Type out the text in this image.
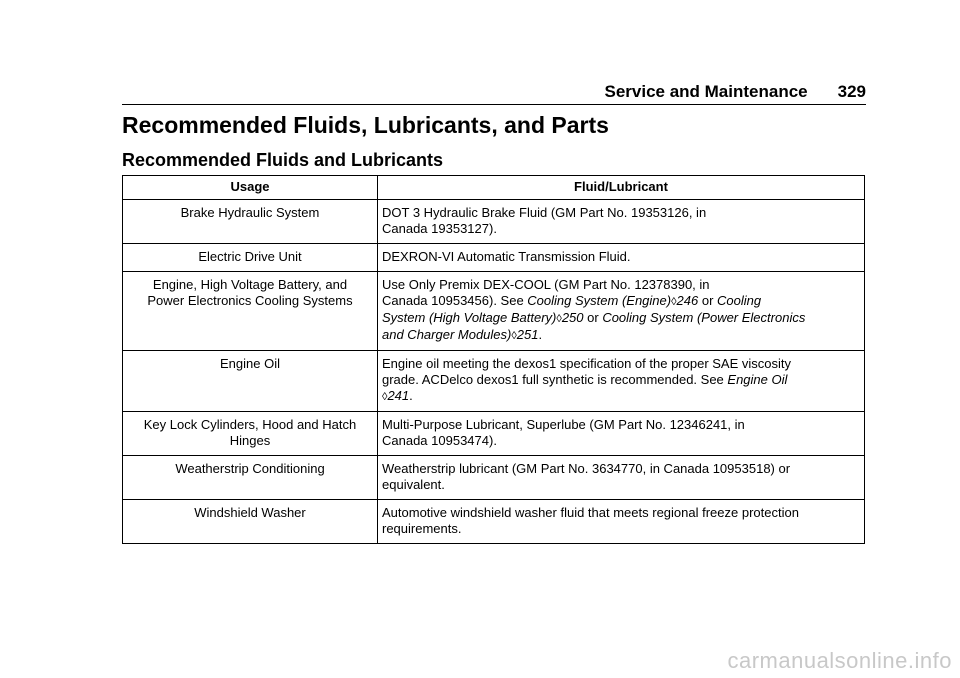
Service and Maintenance 329
Recommended Fluids, Lubricants, and Parts
Recommended Fluids and Lubricants
Usage	Fluid/Lubricant
Brake Hydraulic System	DOT 3 Hydraulic Brake Fluid (GM Part No. 19353126, in
Canada 19353127).
Electric Drive Unit	DEXRON-VI Automatic Transmission Fluid.
Engine, High Voltage Battery, and
Power Electronics Cooling Systems	Use Only Premix DEX-COOL (GM Part No. 12378390, in
Canada 10953456). See Cooling System (Engine)◊246 or Cooling
System (High Voltage Battery)◊250 or Cooling System (Power Electronics
and Charger Modules)◊251.
Engine Oil	Engine oil meeting the dexos1 specification of the proper SAE viscosity
grade. ACDelco dexos1 full synthetic is recommended. See Engine Oil
◊241.
Key Lock Cylinders, Hood and Hatch
Hinges	Multi-Purpose Lubricant, Superlube (GM Part No. 12346241, in
Canada 10953474).
Weatherstrip Conditioning	Weatherstrip lubricant (GM Part No. 3634770, in Canada 10953518) or
equivalent.
Windshield Washer	Automotive windshield washer fluid that meets regional freeze protection
requirements.
carmanualsonline.info
